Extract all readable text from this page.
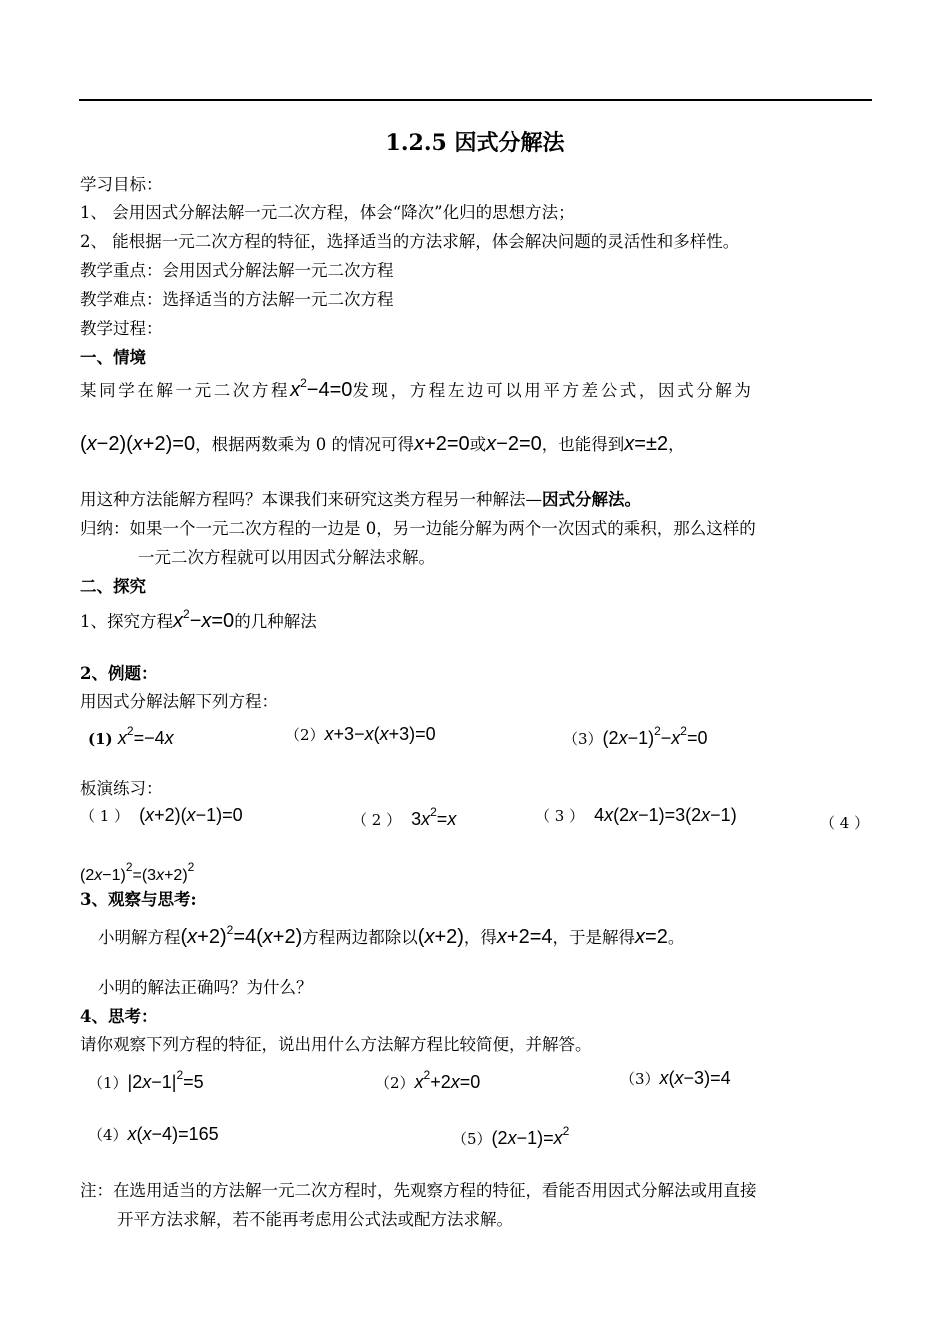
1.2.5 因式分解法
学习目标：
1、 会用因式分解法解一元二次方程，体会“降次”化归的思想方法；
2、 能根据一元二次方程的特征，选择适当的方法求解，体会解决问题的灵活性和多样性。
教学重点：会用因式分解法解一元二次方程
教学难点：选择适当的方法解一元二次方程
教学过程：
一、情境
某同学在解一元二次方程$x^2-4=0$发现，方程左边可以用平方差公式，因式分解为
(x−2)(x+2)=0，根据两数乘为 0 的情况可得x+2=0或x−2=0，也能得到x=±2，
用这种方法能解方程吗？本课我们来研究这类方程另一种解法—因式分解法。
归纳：如果一个一元二次方程的一边是 0，另一边能分解为两个一次因式的乘积，那么这样的
一元二次方程就可以用因式分解法求解。
二、探究
1、探究方程$x^2-x=0$的几种解法
2、例题：
用因式分解法解下列方程：
(1) $x^2=-4x$	（2）x+3−x(x+3)=0	$(3)(2x-1)^2-x^2=0$
板演练习：
（ 1 ） (x+2)(x−1)=0	（ 2 ） $3x^2=x$	（ 3 ） 4x(2x−1)=3(2x−1)	（ 4 ）
$(2x-1)^2=(3x+2)^2$
3、观察与思考:
小明解方程$(x+2)^2=4(x+2)$方程两边都除以(x+2)，得x+2=4，于是解得x=2。
小明的解法正确吗？为什么？
4、思考：
请你观察下列方程的特征，说出用什么方法解方程比较简便，并解答。
$(1)|2x-1|^2=5$	$(2)x^2+2x=0$	（3）x(x−3)=4
（4）x(x−4)=165	$(5)(2x-1)=x^2$
注：在选用适当的方法解一元二次方程时，先观察方程的特征，看能否用因式分解法或用直接
开平方法求解，若不能再考虑用公式法或配方法求解。
